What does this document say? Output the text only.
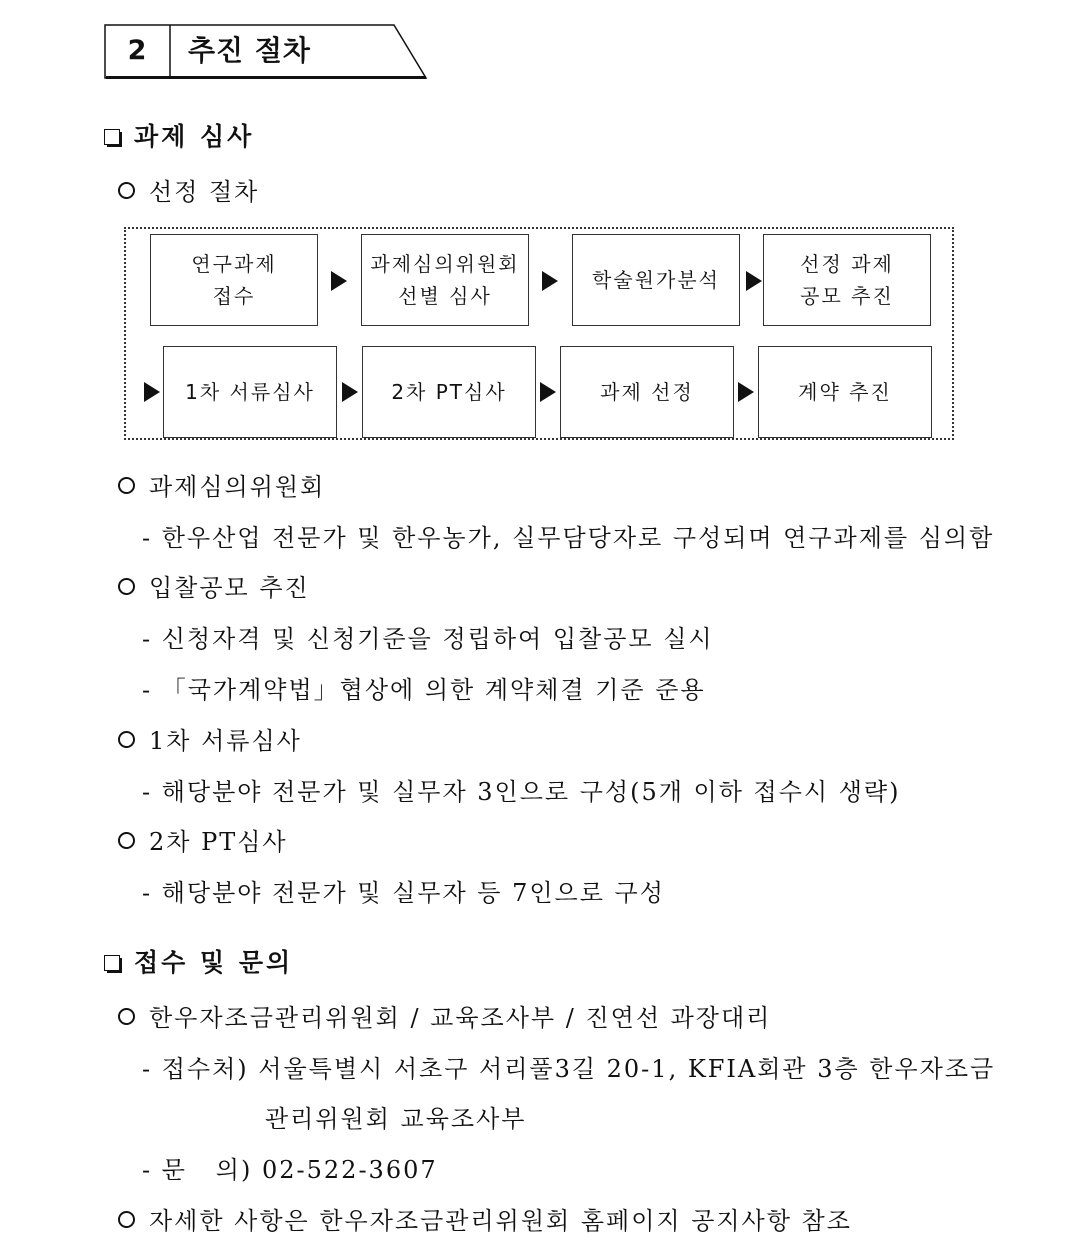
2	추진 절차
과제 심사
선정 절차
연구과제
접수
과제심의위원회
선별 심사
학술원가분석
선정 과제
공모 추진
1차 서류심사	2차 PT심사	과제 선정	계약 추진
과제심의위원회
- 한우산업 전문가 및 한우농가, 실무담당자로 구성되며 연구과제를 심의함
입찰공모 추진
- 신청자격 및 신청기준을 정립하여 입찰공모 실시
- 「국가계약법」협상에 의한 계약체결 기준 준용
1차 서류심사
- 해당분야 전문가 및 실무자 3인으로 구성(5개 이하 접수시 생략)
2차 PT심사
- 해당분야 전문가 및 실무자 등 7인으로 구성
접수 및 문의
한우자조금관리위원회 / 교육조사부 / 진연선 과장대리
- 접수처) 서울특별시 서초구 서리풀3길 20-1, KFIA회관 3층 한우자조금
관리위원회 교육조사부
- 문   의) 02-522-3607
자세한 사항은 한우자조금관리위원회 홈페이지 공지사항 참조
